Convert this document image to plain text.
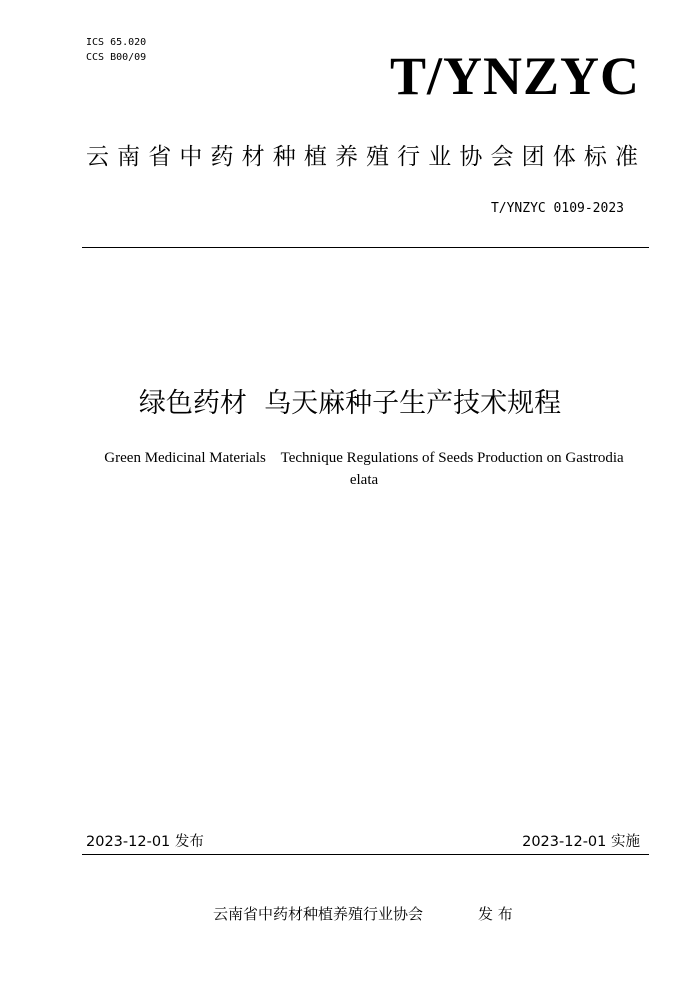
ICS 65.020
CCS B00/09	T/YNZYC
云南省中药材种植养殖行业协会团体标准
T/YNZYC 0109-2023
绿色药材  乌天麻种子生产技术规程
Green Medicinal Materials    Technique Regulations of Seeds Production on Gastrodia elata
2023-12-01 发布	2023-12-01 实施
云南省中药材种植养殖行业协会	发 布
